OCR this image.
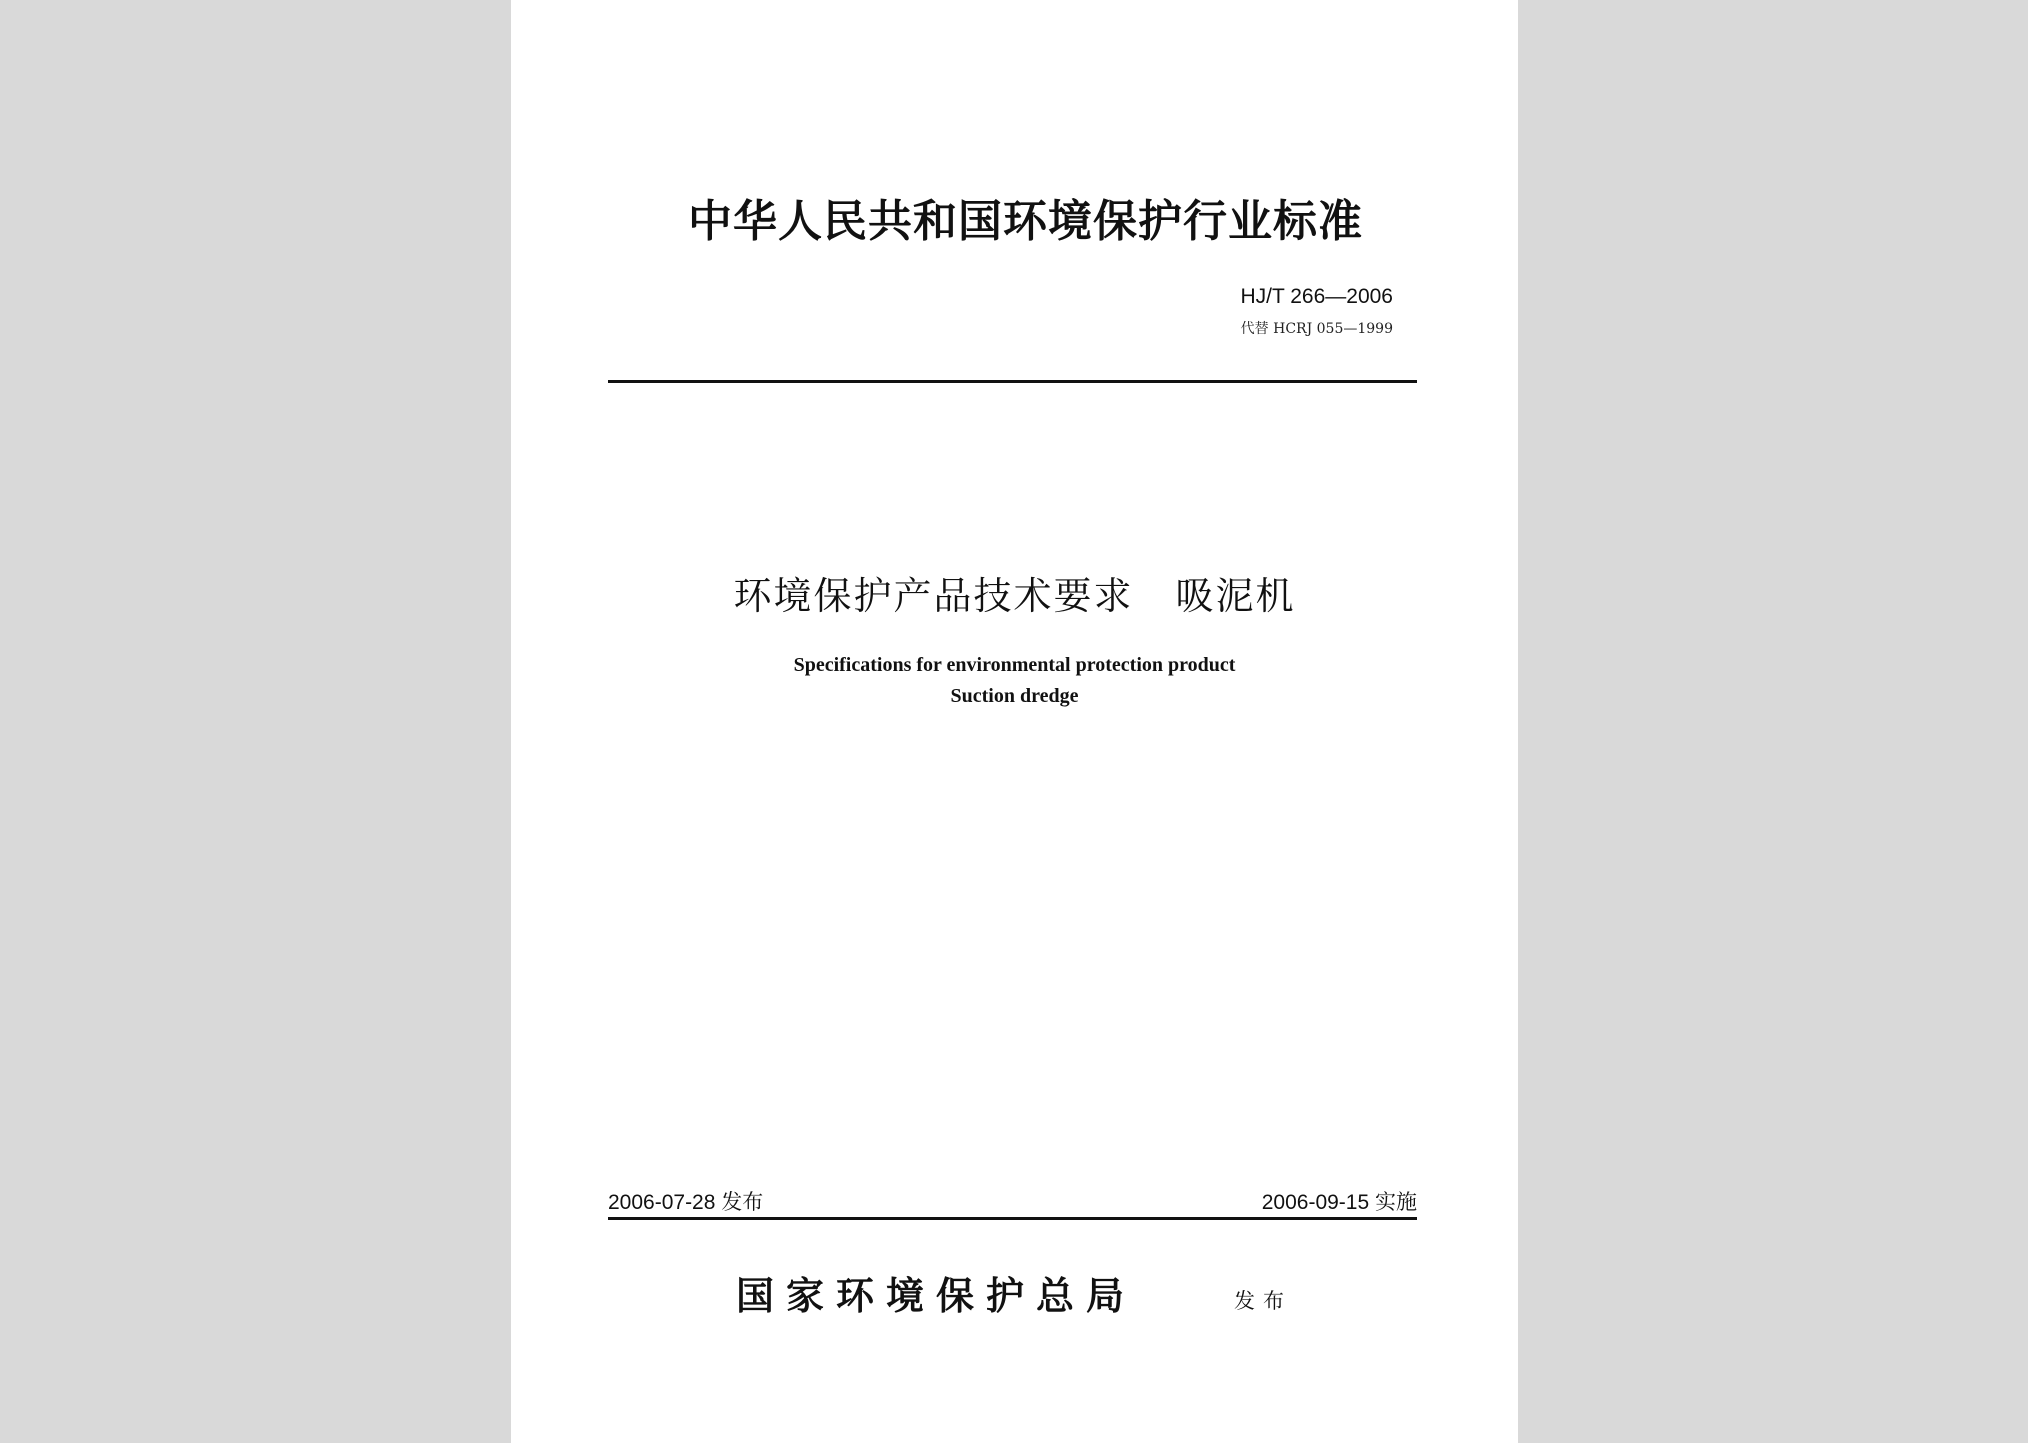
中华人民共和国环境保护行业标准
HJ/T 266—2006
代替 HCRJ 055—1999
环境保护产品技术要求 吸泥机
Specifications for environmental protection product
Suction dredge
2006-07-28 发布	2006-09-15 实施
国家环境保护总局	发布
